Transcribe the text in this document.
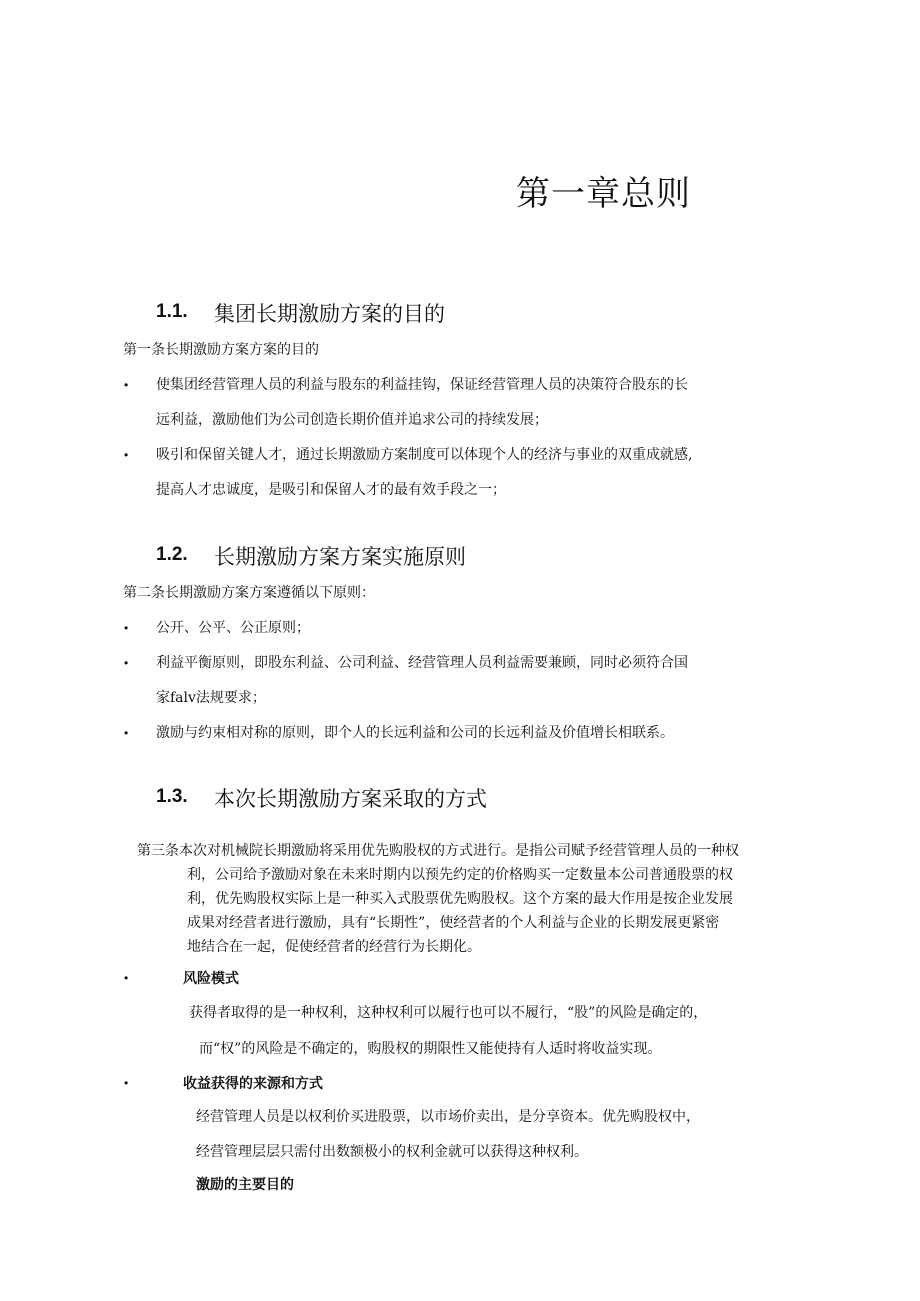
第一章总则
1.1. 集团长期激励方案的目的
第一条长期激励方案方案的目的
• 使集团经营管理人员的利益与股东的利益挂钩，保证经营管理人员的决策符合股东的长
远利益，激励他们为公司创造长期价值并追求公司的持续发展；
• 吸引和保留关键人才，通过长期激励方案制度可以体现个人的经济与事业的双重成就感,
提高人才忠诚度，是吸引和保留人才的最有效手段之一；
1.2. 长期激励方案方案实施原则
第二条长期激励方案方案遵循以下原则：
• 公开、公平、公正原则；
• 利益平衡原则，即股东利益、公司利益、经营管理人员利益需要兼顾，同时必须符合国
家falv法规要求；
• 激励与约束相对称的原则，即个人的长远利益和公司的长远利益及价值增长相联系。
1.3. 本次长期激励方案采取的方式
第三条本次对机械院长期激励将采用优先购股权的方式进行。是指公司赋予经营管理人员的一种权
利，公司给予激励对象在未来时期内以预先约定的价格购买一定数量本公司普通股票的权
利，优先购股权实际上是一种买入式股票优先购股权。这个方案的最大作用是按企业发展
成果对经营者进行激励，具有“长期性”，使经营者的个人利益与企业的长期发展更紧密
地结合在一起，促使经营者的经营行为长期化。
•	风险模式
获得者取得的是一种权利，这种权利可以履行也可以不履行，“股”的风险是确定的，
而“权”的风险是不确定的，购股权的期限性又能使持有人适时将收益实现。
•	收益获得的来源和方式
经营管理人员是以权利价买进股票，以市场价卖出，是分享资本。优先购股权中，
经营管理层层只需付出数额极小的权利金就可以获得这种权利。
激励的主要目的
